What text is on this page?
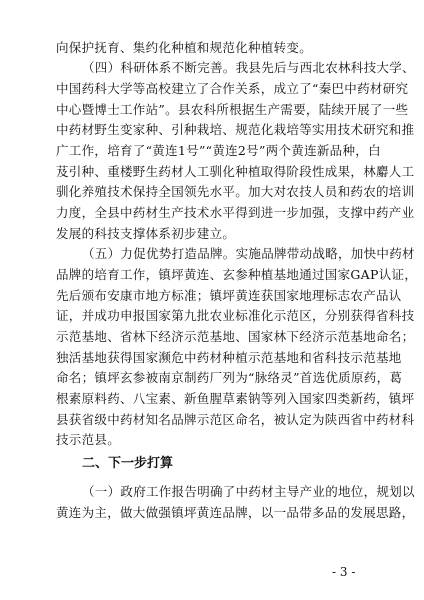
向保护抚育、集约化种植和规范化种植转变。
（四）科研体系不断完善。我县先后与西北农林科技大学、
中国药科大学等高校建立了合作关系，成立了“秦巴中药材研究
中心暨博士工作站”。县农科所根据生产需要，陆续开展了一些
中药材野生变家种、引种栽培、规范化栽培等实用技术研究和推
广工作，培育了“黄连1号”“黄连2号”两个黄连新品种，白
芨引种、重楼野生药材人工驯化种植取得阶段性成果，林麝人工
驯化养殖技术保持全国领先水平。加大对农技人员和药农的培训
力度，全县中药材生产技术水平得到进一步加强，支撑中药产业
发展的科技支撑体系初步建立。
（五）力促优势打造品牌。实施品牌带动战略，加快中药材
品牌的培育工作，镇坪黄连、玄参种植基地通过国家GAP认证，
先后颁布安康市地方标准；镇坪黄连获国家地理标志农产品认
证，并成功申报国家第九批农业标准化示范区，分别获得省科技
示范基地、省林下经济示范基地、国家林下经济示范基地命名；
独活基地获得国家濒危中药材种植示范基地和省科技示范基地
命名；镇坪玄参被南京制药厂列为“脉络灵”首选优质原药，葛
根素原料药、八宝素、新鱼腥草素钠等列入国家四类新药，镇坪
县获省级中药材知名品牌示范区命名，被认定为陕西省中药材科
技示范县。
二、下一步打算
- 3 -
（一）政府工作报告明确了中药材主导产业的地位，规划以
黄连为主，做大做强镇坪黄连品牌，以一品带多品的发展思路，
